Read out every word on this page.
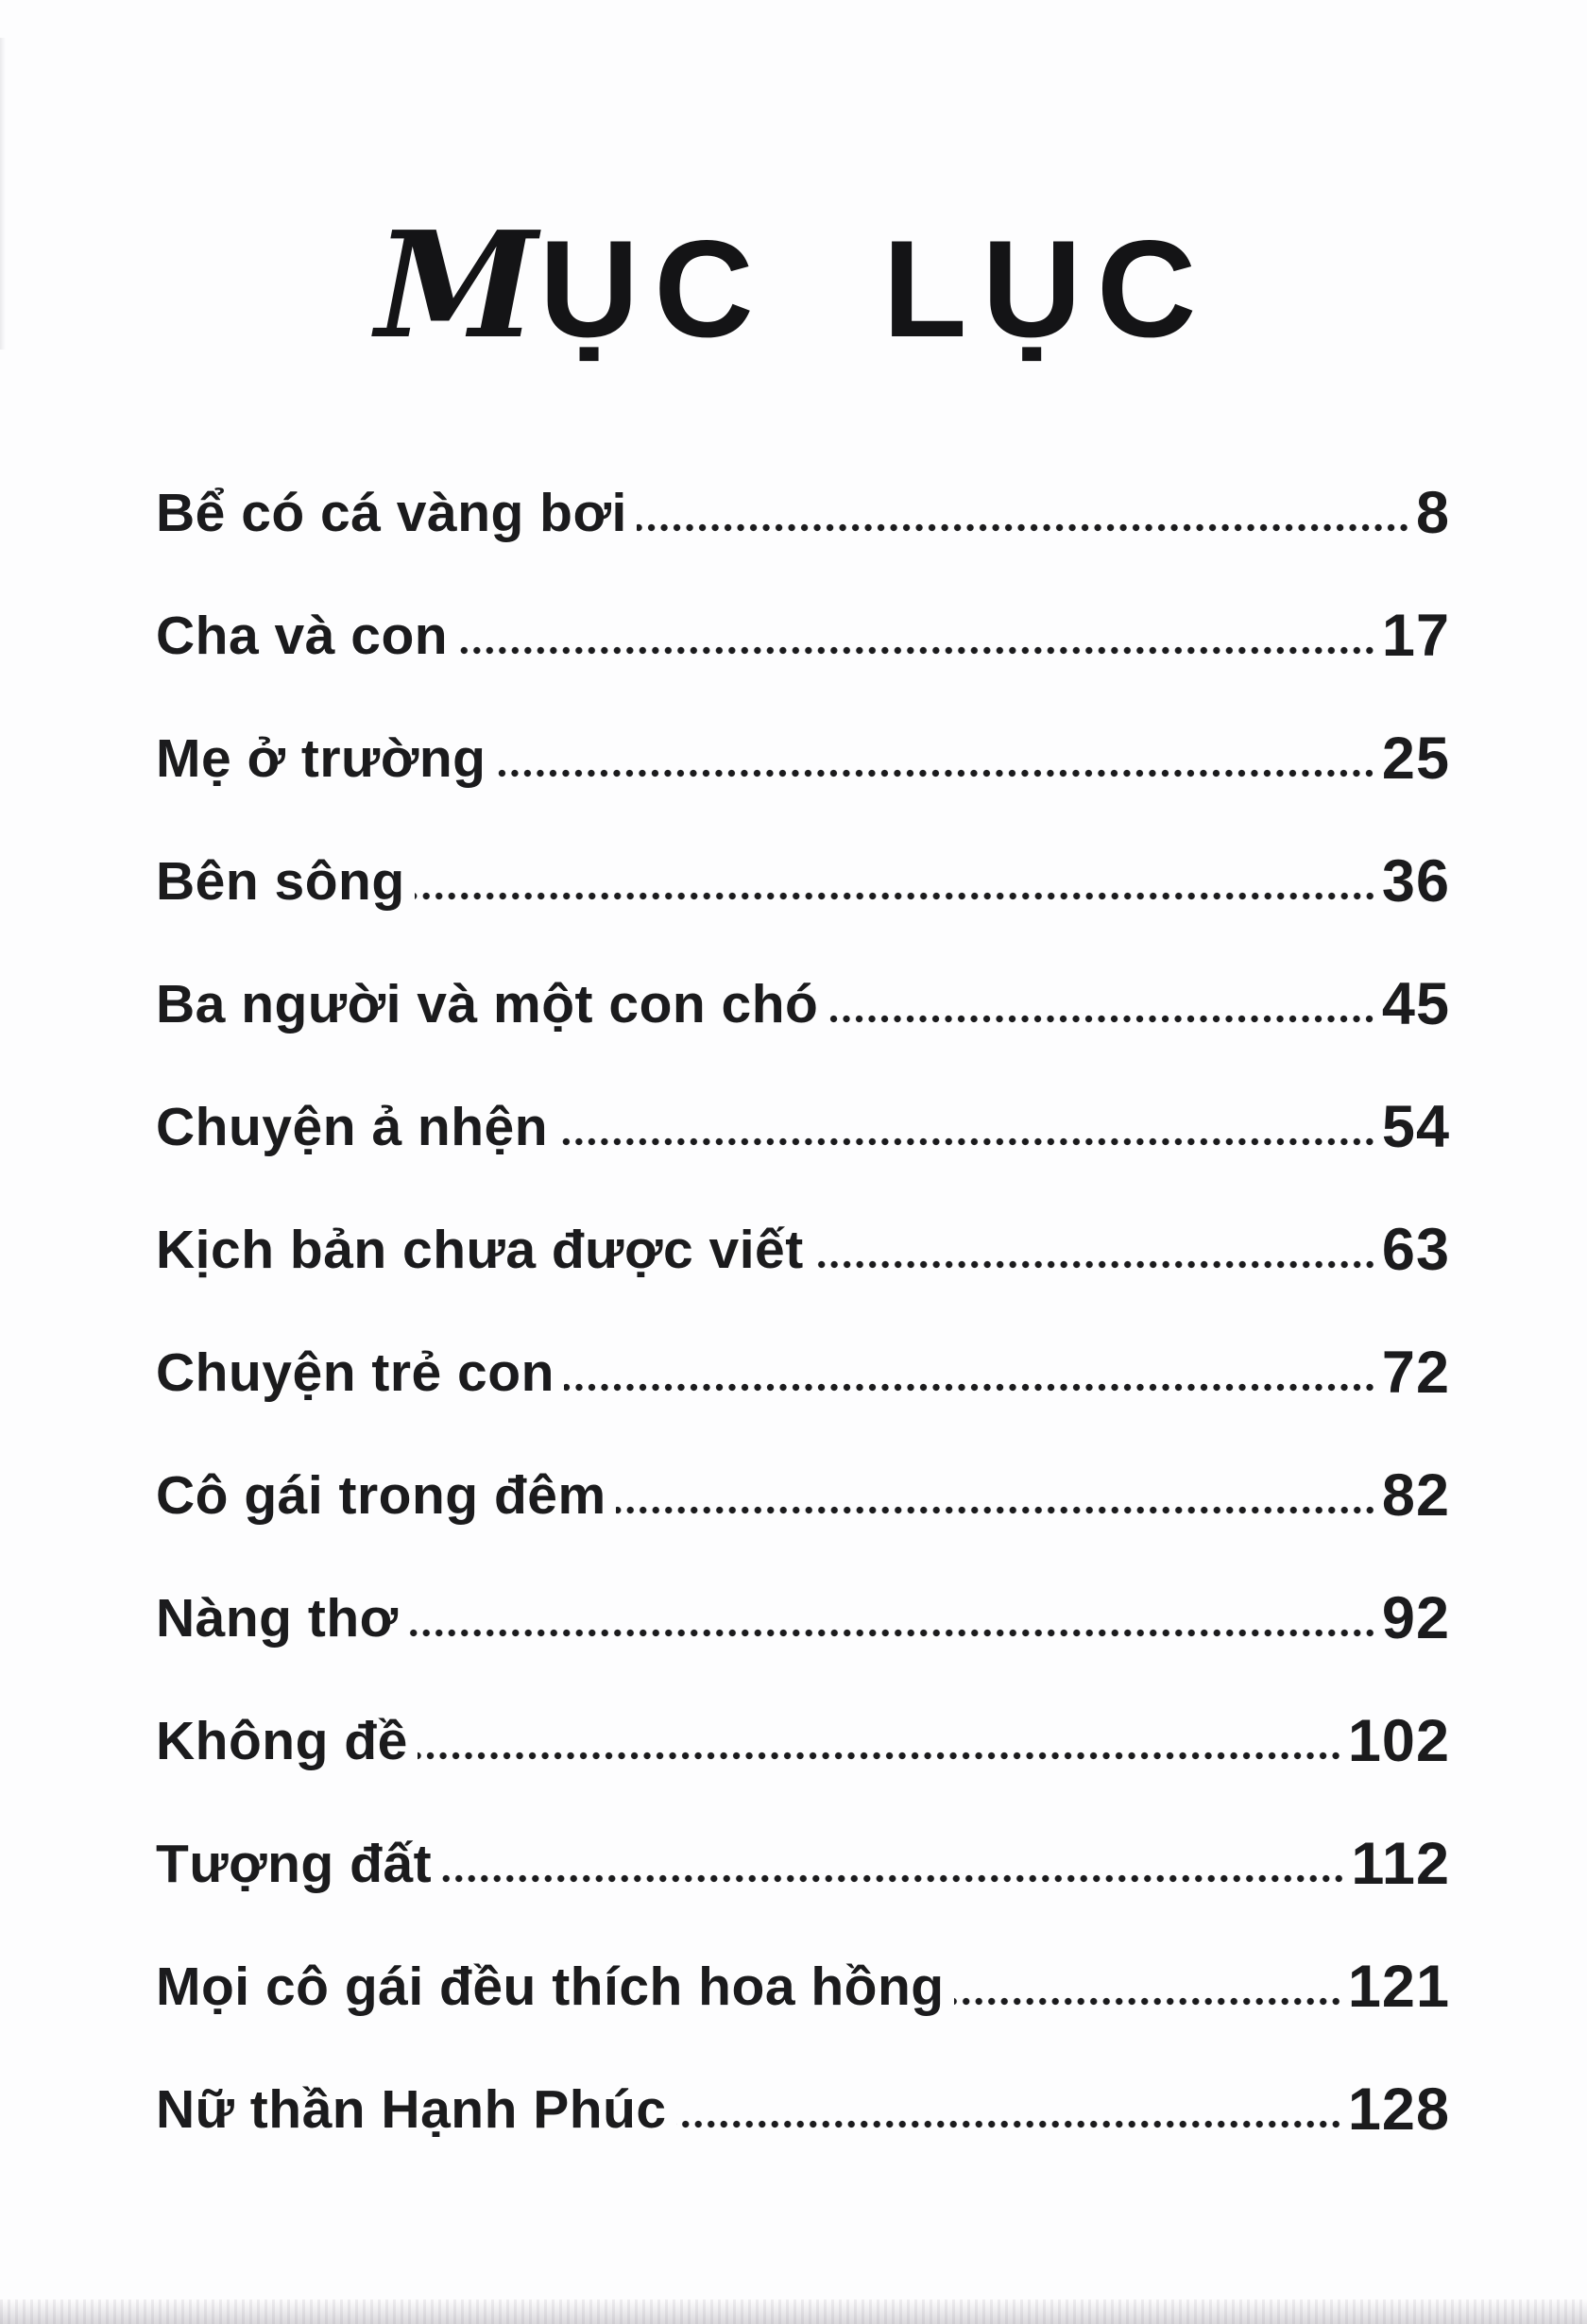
MỤC LỤC
Bể có cá vàng bơi	8
Cha và con	17
Mẹ ở trường	25
Bên sông	36
Ba người và một con chó	45
Chuyện ả nhện	54
Kịch bản chưa được viết	63
Chuyện trẻ con	72
Cô gái trong đêm	82
Nàng thơ	92
Không đề	102
Tượng đất	112
Mọi cô gái đều thích hoa hồng	121
Nữ thần Hạnh Phúc	128
